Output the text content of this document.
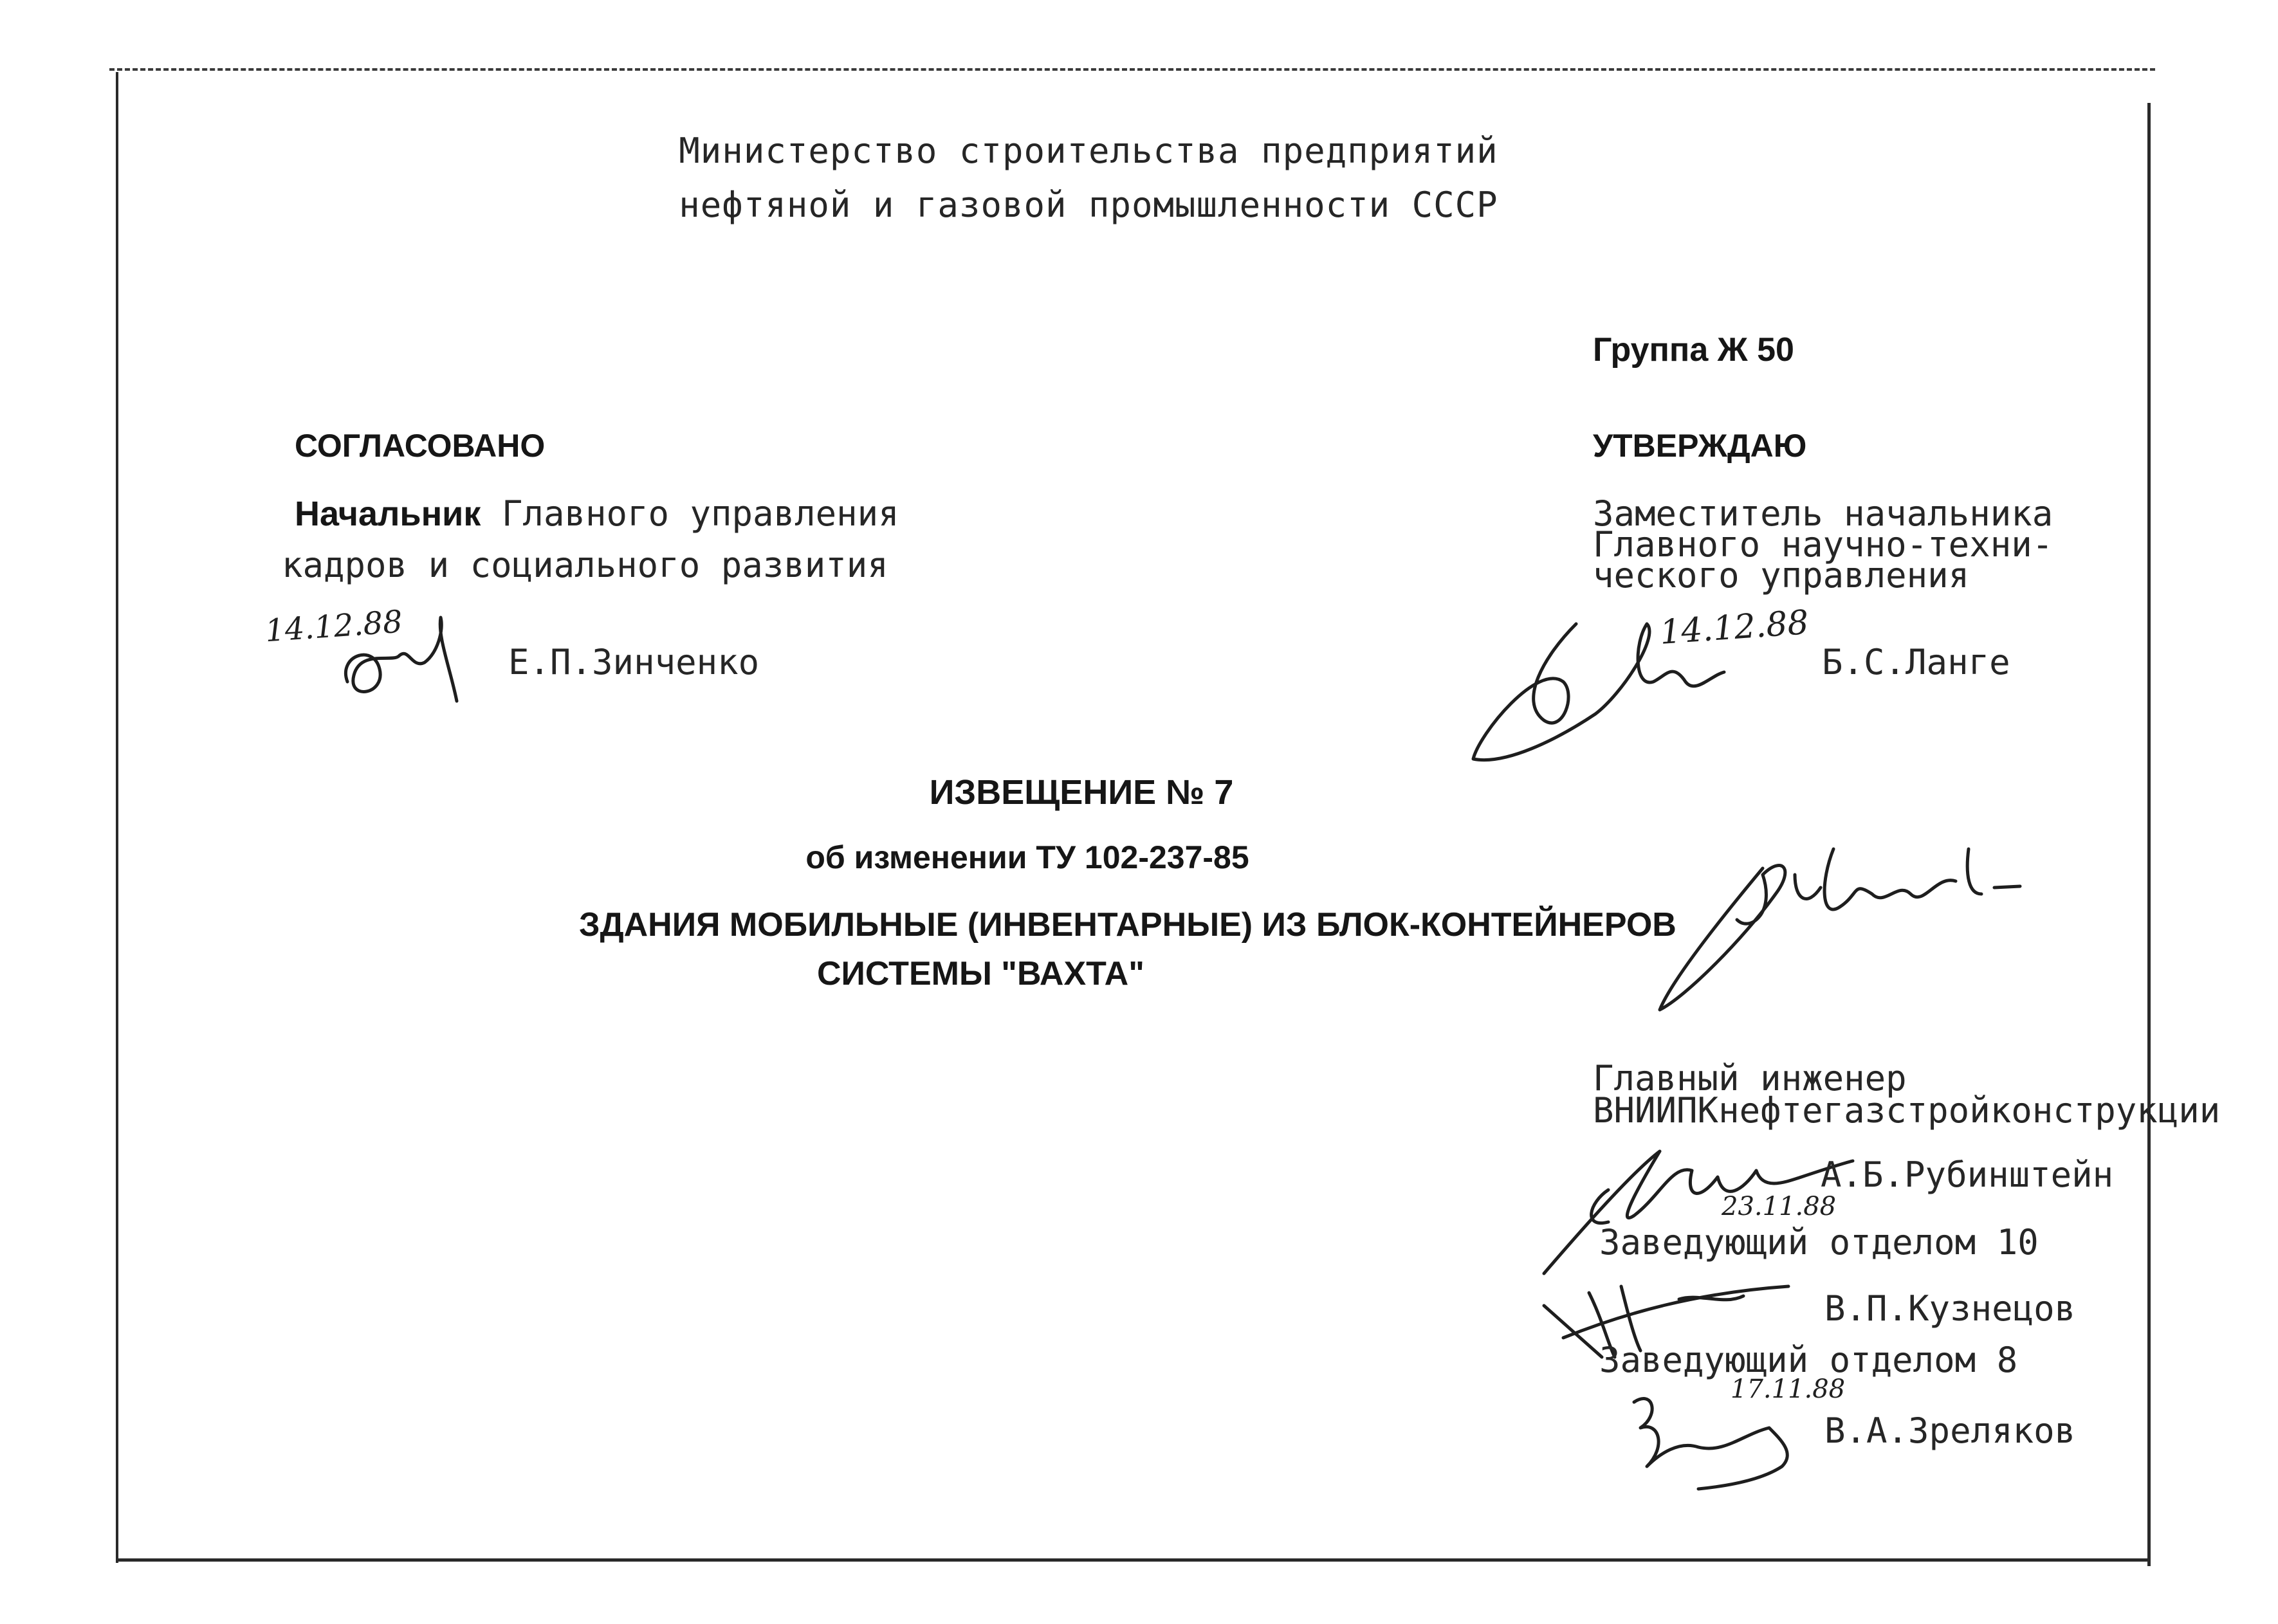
Министерство строительства предприятий
нефтяной и газовой промышленности СССР
Группа Ж 50
СОГЛАСОВАНО
Начальник Главного управления
кадров и социального развития
14.12.88
Е.П.Зинченко
УТВЕРЖДАЮ
Заместитель начальника
Главного научно-техни-
ческого управления
14.12.88
Б.С.Ланге
ИЗВЕЩЕНИЕ № 7
об изменении ТУ 102-237-85
ЗДАНИЯ МОБИЛЬНЫЕ (ИНВЕНТАРНЫЕ) ИЗ БЛОК-КОНТЕЙНЕРОВ
СИСТЕМЫ "ВАХТА"
Главный инженер
ВНИИПКнефтегазстройконструкции
А.Б.Рубинштейн
23.11.88
Заведующий отделом 10
В.П.Кузнецов
Заведующий отделом 8
17.11.88
В.А.Зреляков
